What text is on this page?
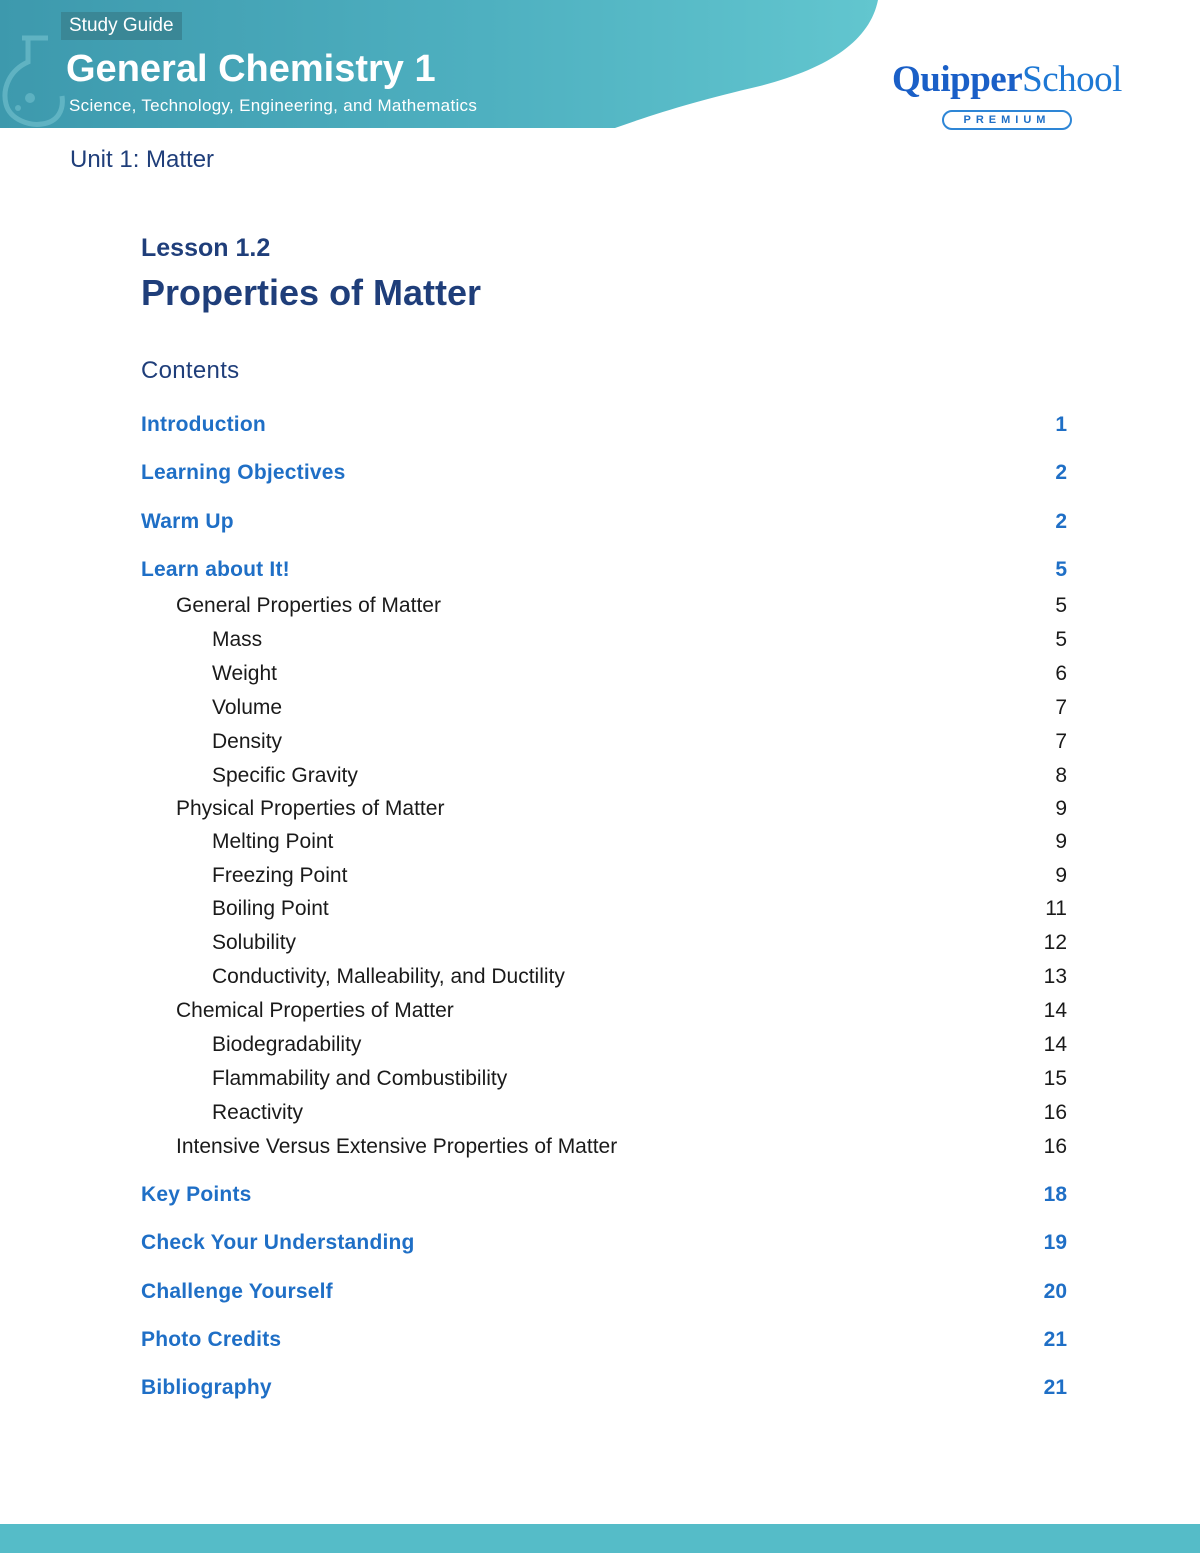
Study Guide
General Chemistry 1
Science, Technology, Engineering, and Mathematics
QuipperSchool
PREMIUM
Unit 1: Matter
Lesson 1.2
Properties of Matter
Contents
Introduction	1
Learning Objectives	2
Warm Up	2
Learn about It!	5
General Properties of Matter	5
Mass	5
Weight	6
Volume	7
Density	7
Specific Gravity	8
Physical Properties of Matter	9
Melting Point	9
Freezing Point	9
Boiling Point	11
Solubility	12
Conductivity, Malleability, and Ductility	13
Chemical Properties of Matter	14
Biodegradability	14
Flammability and Combustibility	15
Reactivity	16
Intensive Versus Extensive Properties of Matter	16
Key Points	18
Check Your Understanding	19
Challenge Yourself	20
Photo Credits	21
Bibliography	21
